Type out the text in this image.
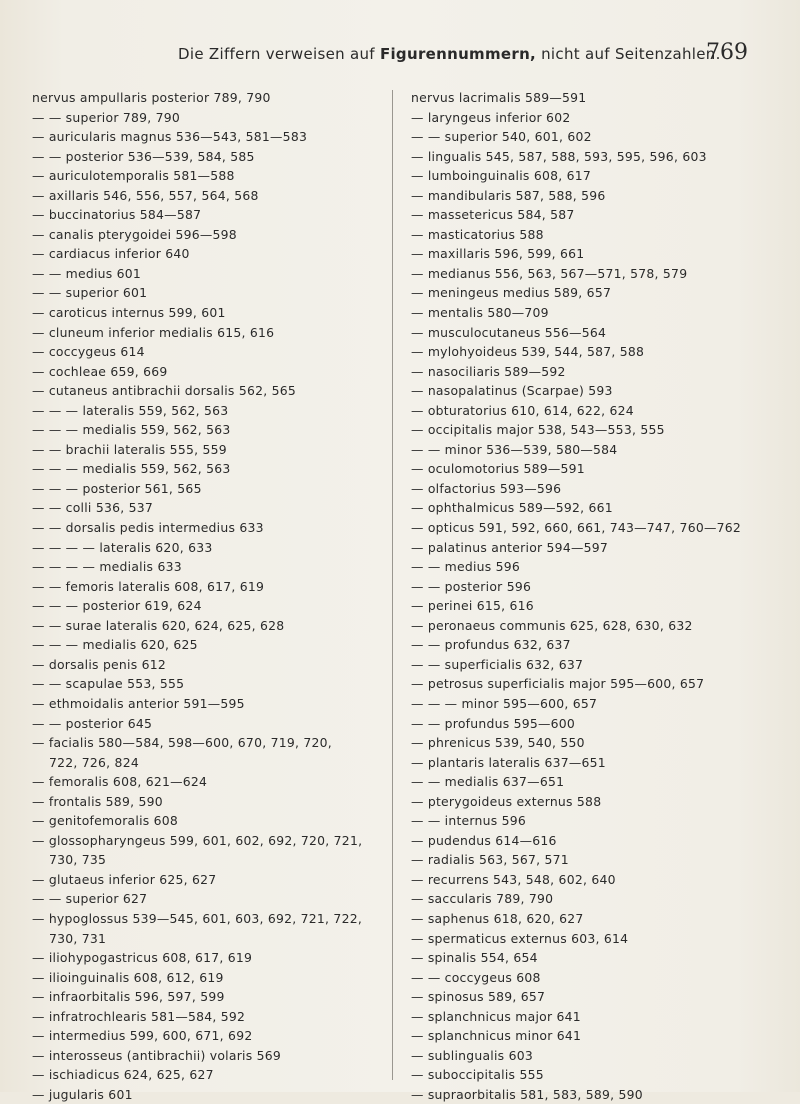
Die Ziffern verweisen auf Figurennummern, nicht auf Seitenzahlen.
769
nervus ampullaris posterior 789, 790
— — superior 789, 790
— auricularis magnus 536—543, 581—583
— — posterior 536—539, 584, 585
— auriculotemporalis 581—588
— axillaris 546, 556, 557, 564, 568
— buccinatorius 584—587
— canalis pterygoidei 596—598
— cardiacus inferior 640
— — medius 601
— — superior 601
— caroticus internus 599, 601
— cluneum inferior medialis 615, 616
— coccygeus 614
— cochleae 659, 669
— cutaneus antibrachii dorsalis 562, 565
— — — lateralis 559, 562, 563
— — — medialis 559, 562, 563
— — brachii lateralis 555, 559
— — — medialis 559, 562, 563
— — — posterior 561, 565
— — colli 536, 537
— — dorsalis pedis intermedius 633
— — — — lateralis 620, 633
— — — — medialis 633
— — femoris lateralis 608, 617, 619
— — — posterior 619, 624
— — surae lateralis 620, 624, 625, 628
— — — medialis 620, 625
— dorsalis penis 612
— — scapulae 553, 555
— ethmoidalis anterior 591—595
— — posterior 645
— facialis 580—584, 598—600, 670, 719, 720,
722, 726, 824
— femoralis 608, 621—624
— frontalis 589, 590
— genitofemoralis 608
— glossopharyngeus 599, 601, 602, 692, 720, 721,
730, 735
— glutaeus inferior 625, 627
— — superior 627
— hypoglossus 539—545, 601, 603, 692, 721, 722,
730, 731
— iliohypogastricus 608, 617, 619
— ilioinguinalis 608, 612, 619
— infraorbitalis 596, 597, 599
— infratrochlearis 581—584, 592
— intermedius 599, 600, 671, 692
— interosseus (antibrachii) volaris 569
— ischiadicus 624, 625, 627
— jugularis 601
nervus lacrimalis 589—591
— laryngeus inferior 602
— — superior 540, 601, 602
— lingualis 545, 587, 588, 593, 595, 596, 603
— lumboinguinalis 608, 617
— mandibularis 587, 588, 596
— massetericus 584, 587
— masticatorius 588
— maxillaris 596, 599, 661
— medianus 556, 563, 567—571, 578, 579
— meningeus medius 589, 657
— mentalis 580—709
— musculocutaneus 556—564
— mylohyoideus 539, 544, 587, 588
— nasociliaris 589—592
— nasopalatinus (Scarpae) 593
— obturatorius 610, 614, 622, 624
— occipitalis major 538, 543—553, 555
— — minor 536—539, 580—584
— oculomotorius 589—591
— olfactorius 593—596
— ophthalmicus 589—592, 661
— opticus 591, 592, 660, 661, 743—747, 760—762
— palatinus anterior 594—597
— — medius 596
— — posterior 596
— perinei 615, 616
— peronaeus communis 625, 628, 630, 632
— — profundus 632, 637
— — superficialis 632, 637
— petrosus superficialis major 595—600, 657
— — — minor 595—600, 657
— — profundus 595—600
— phrenicus 539, 540, 550
— plantaris lateralis 637—651
— — medialis 637—651
— pterygoideus externus 588
— — internus 596
— pudendus 614—616
— radialis 563, 567, 571
— recurrens 543, 548, 602, 640
— saccularis 789, 790
— saphenus 618, 620, 627
— spermaticus externus 603, 614
— spinalis 554, 654
— — coccygeus 608
— spinosus 589, 657
— splanchnicus major 641
— splanchnicus minor 641
— sublingualis 603
— suboccipitalis 555
— supraorbitalis 581, 583, 589, 590
